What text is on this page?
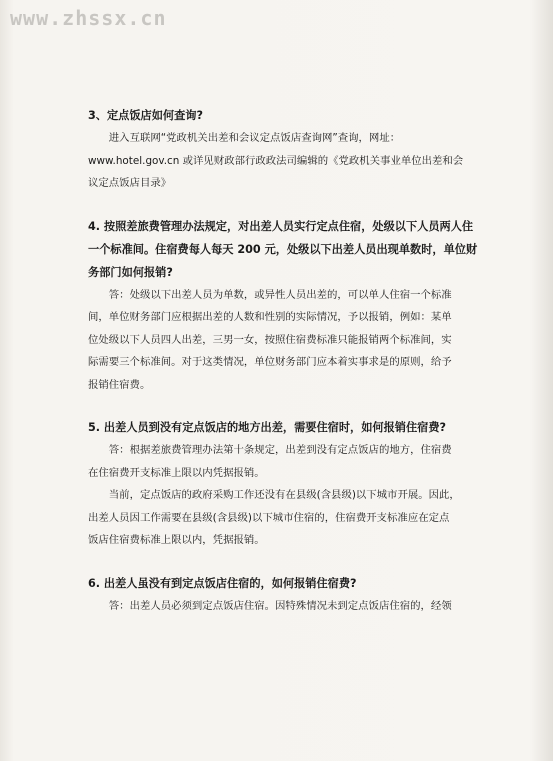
www.zhssx.cn

3、定点饭店如何查询?

进入互联网“党政机关出差和会议定点饭店查询网”查询，网址：

www.hotel.gov.cn 或详见财政部行政政法司编辑的《党政机关事业单位出差和会

议定点饭店目录》

4. 按照差旅费管理办法规定，对出差人员实行定点住宿，处级以下人员两人住

一个标准间。住宿费每人每天 200 元，处级以下出差人员出现单数时，单位财

务部门如何报销?

答：处级以下出差人员为单数，或异性人员出差的，可以单人住宿一个标准

间，单位财务部门应根据出差的人数和性别的实际情况，予以报销，例如：某单

位处级以下人员四人出差，三男一女，按照住宿费标准只能报销两个标准间，实

际需要三个标准间。对于这类情况，单位财务部门应本着实事求是的原则，给予

报销住宿费。

5. 出差人员到没有定点饭店的地方出差，需要住宿时，如何报销住宿费?

答：根据差旅费管理办法第十条规定，出差到没有定点饭店的地方，住宿费

在住宿费开支标准上限以内凭据报销。

当前，定点饭店的政府采购工作还没有在县级(含县级)以下城市开展。因此，

出差人员因工作需要在县级(含县级)以下城市住宿的，住宿费开支标准应在定点

饭店住宿费标准上限以内，凭据报销。

6. 出差人虽没有到定点饭店住宿的，如何报销住宿费?

答：出差人员必须到定点饭店住宿。因特殊情况未到定点饭店住宿的，经领
